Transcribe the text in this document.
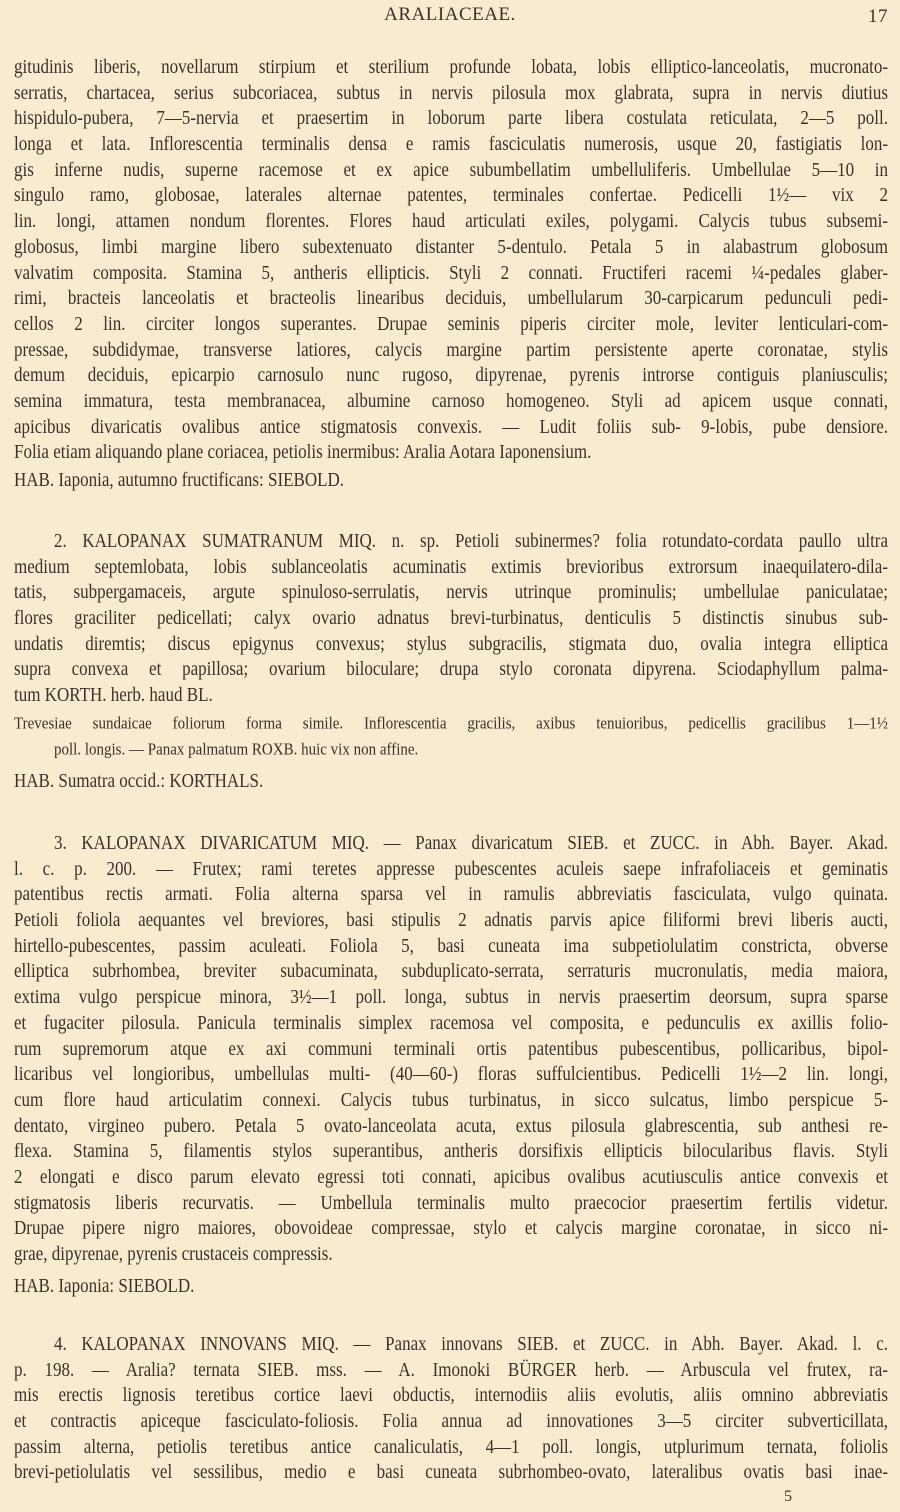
ARALIACEAE.	17
gitudinis liberis, novellarum stirpium et sterilium profunde lobata, lobis elliptico-lanceolatis, mucronato-
serratis, chartacea, serius subcoriacea, subtus in nervis pilosula mox glabrata, supra in nervis diutius
hispidulo-pubera, 7—5-nervia et praesertim in loborum parte libera costulata reticulata, 2—5 poll.
longa et lata. Inflorescentia terminalis densa e ramis fasciculatis numerosis, usque 20, fastigiatis lon-
gis inferne nudis, superne racemose et ex apice subumbellatim umbelluliferis. Umbellulae 5—10 in
singulo ramo, globosae, laterales alternae patentes, terminales confertae. Pedicelli 1½— vix 2
lin. longi, attamen nondum florentes. Flores haud articulati exiles, polygami. Calycis tubus subsemi-
globosus, limbi margine libero subextenuato distanter 5-dentulo. Petala 5 in alabastrum globosum
valvatim composita. Stamina 5, antheris ellipticis. Styli 2 connati. Fructiferi racemi ¼-pedales glaber-
rimi, bracteis lanceolatis et bracteolis linearibus deciduis, umbellularum 30-carpicarum pedunculi pedi-
cellos 2 lin. circiter longos superantes. Drupae seminis piperis circiter mole, leviter lenticulari-com-
pressae, subdidymae, transverse latiores, calycis margine partim persistente aperte coronatae, stylis
demum deciduis, epicarpio carnosulo nunc rugoso, dipyrenae, pyrenis introrse contiguis planiusculis;
semina immatura, testa membranacea, albumine carnoso homogeneo. Styli ad apicem usque connati,
apicibus divaricatis ovalibus antice stigmatosis convexis. — Ludit foliis sub- 9-lobis, pube densiore.
Folia etiam aliquando plane coriacea, petiolis inermibus: Aralia Aotara Iaponensium.
HAB. Iaponia, autumno fructificans: SIEBOLD.
2. KALOPANAX SUMATRANUM MIQ. n. sp. Petioli subinermes? folia rotundato-cordata paullo ultra
medium septemlobata, lobis sublanceolatis acuminatis extimis brevioribus extrorsum inaequilatero-dila-
tatis, subpergamaceis, argute spinuloso-serrulatis, nervis utrinque prominulis; umbellulae paniculatae;
flores graciliter pedicellati; calyx ovario adnatus brevi-turbinatus, denticulis 5 distinctis sinubus sub-
undatis diremtis; discus epigynus convexus; stylus subgracilis, stigmata duo, ovalia integra elliptica
supra convexa et papillosa; ovarium biloculare; drupa stylo coronata dipyrena. Sciodaphyllum palma-
tum KORTH. herb. haud BL.
Trevesiae sundaicae foliorum forma simile. Inflorescentia gracilis, axibus tenuioribus, pedicellis gracilibus 1—1½
poll. longis. — Panax palmatum ROXB. huic vix non affine.
HAB. Sumatra occid.: KORTHALS.
3. KALOPANAX DIVARICATUM MIQ. — Panax divaricatum SIEB. et ZUCC. in Abh. Bayer. Akad.
l. c. p. 200. — Frutex; rami teretes appresse pubescentes aculeis saepe infrafoliaceis et geminatis
patentibus rectis armati. Folia alterna sparsa vel in ramulis abbreviatis fasciculata, vulgo quinata.
Petioli foliola aequantes vel breviores, basi stipulis 2 adnatis parvis apice filiformi brevi liberis aucti,
hirtello-pubescentes, passim aculeati. Foliola 5, basi cuneata ima subpetiolulatim constricta, obverse
elliptica subrhombea, breviter subacuminata, subduplicato-serrata, serraturis mucronulatis, media maiora,
extima vulgo perspicue minora, 3½—1 poll. longa, subtus in nervis praesertim deorsum, supra sparse
et fugaciter pilosula. Panicula terminalis simplex racemosa vel composita, e pedunculis ex axillis folio-
rum supremorum atque ex axi communi terminali ortis patentibus pubescentibus, pollicaribus, bipol-
licaribus vel longioribus, umbellulas multi- (40—60-) floras suffulcientibus. Pedicelli 1½—2 lin. longi,
cum flore haud articulatim connexi. Calycis tubus turbinatus, in sicco sulcatus, limbo perspicue 5-
dentato, virgineo pubero. Petala 5 ovato-lanceolata acuta, extus pilosula glabrescentia, sub anthesi re-
flexa. Stamina 5, filamentis stylos superantibus, antheris dorsifixis ellipticis bilocularibus flavis. Styli
2 elongati e disco parum elevato egressi toti connati, apicibus ovalibus acutiusculis antice convexis et
stigmatosis liberis recurvatis. — Umbellula terminalis multo praecocior praesertim fertilis videtur.
Drupae pipere nigro maiores, obovoideae compressae, stylo et calycis margine coronatae, in sicco ni-
grae, dipyrenae, pyrenis crustaceis compressis.
HAB. Iaponia: SIEBOLD.
4. KALOPANAX INNOVANS MIQ. — Panax innovans SIEB. et ZUCC. in Abh. Bayer. Akad. l. c.
p. 198. — Aralia? ternata SIEB. mss. — A. Imonoki BÜRGER herb. — Arbuscula vel frutex, ra-
mis erectis lignosis teretibus cortice laevi obductis, internodiis aliis evolutis, aliis omnino abbreviatis
et contractis apiceque fasciculato-foliosis. Folia annua ad innovationes 3—5 circiter subverticillata,
passim alterna, petiolis teretibus antice canaliculatis, 4—1 poll. longis, utplurimum ternata, foliolis
brevi-petiolulatis vel sessilibus, medio e basi cuneata subrhombeo-ovato, lateralibus ovatis basi inae-
5
